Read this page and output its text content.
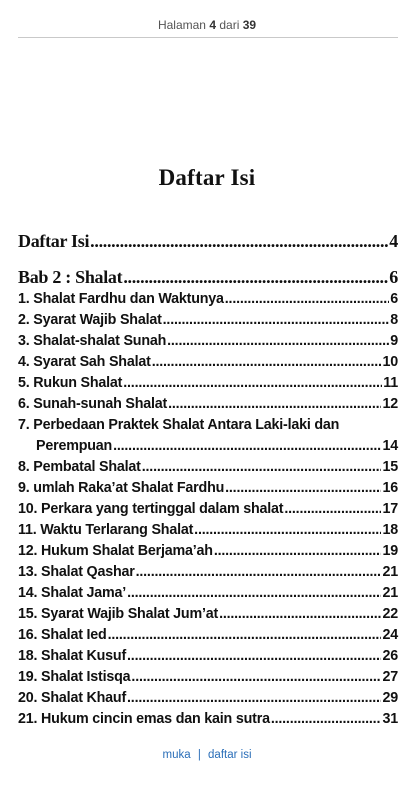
Halaman 4 dari 39
Daftar Isi
Daftar Isi .....	4
Bab 2 : Shalat .....	6
1. Shalat Fardhu dan Waktunya .....	6
2. Syarat Wajib Shalat .....	8
3. Shalat-shalat Sunah .....	9
4. Syarat Sah Shalat .....	10
5. Rukun Shalat .....	11
6. Sunah-sunah Shalat .....	12
7. Perbedaan Praktek Shalat Antara Laki-laki dan
Perempuan .....	14
8. Pembatal Shalat .....	15
9. umlah Raka’at Shalat Fardhu .....	16
10. Perkara yang tertinggal dalam shalat .....	17
11. Waktu Terlarang Shalat .....	18
12. Hukum Shalat Berjama’ah .....	19
13. Shalat Qashar .....	21
14. Shalat Jama’ .....	21
15. Syarat Wajib Shalat Jum’at .....	22
16. Shalat Ied .....	24
18. Shalat Kusuf .....	26
19. Shalat Istisqa .....	27
20. Shalat Khauf .....	29
21. Hukum cincin emas dan kain sutra .....	31
muka | daftar isi
